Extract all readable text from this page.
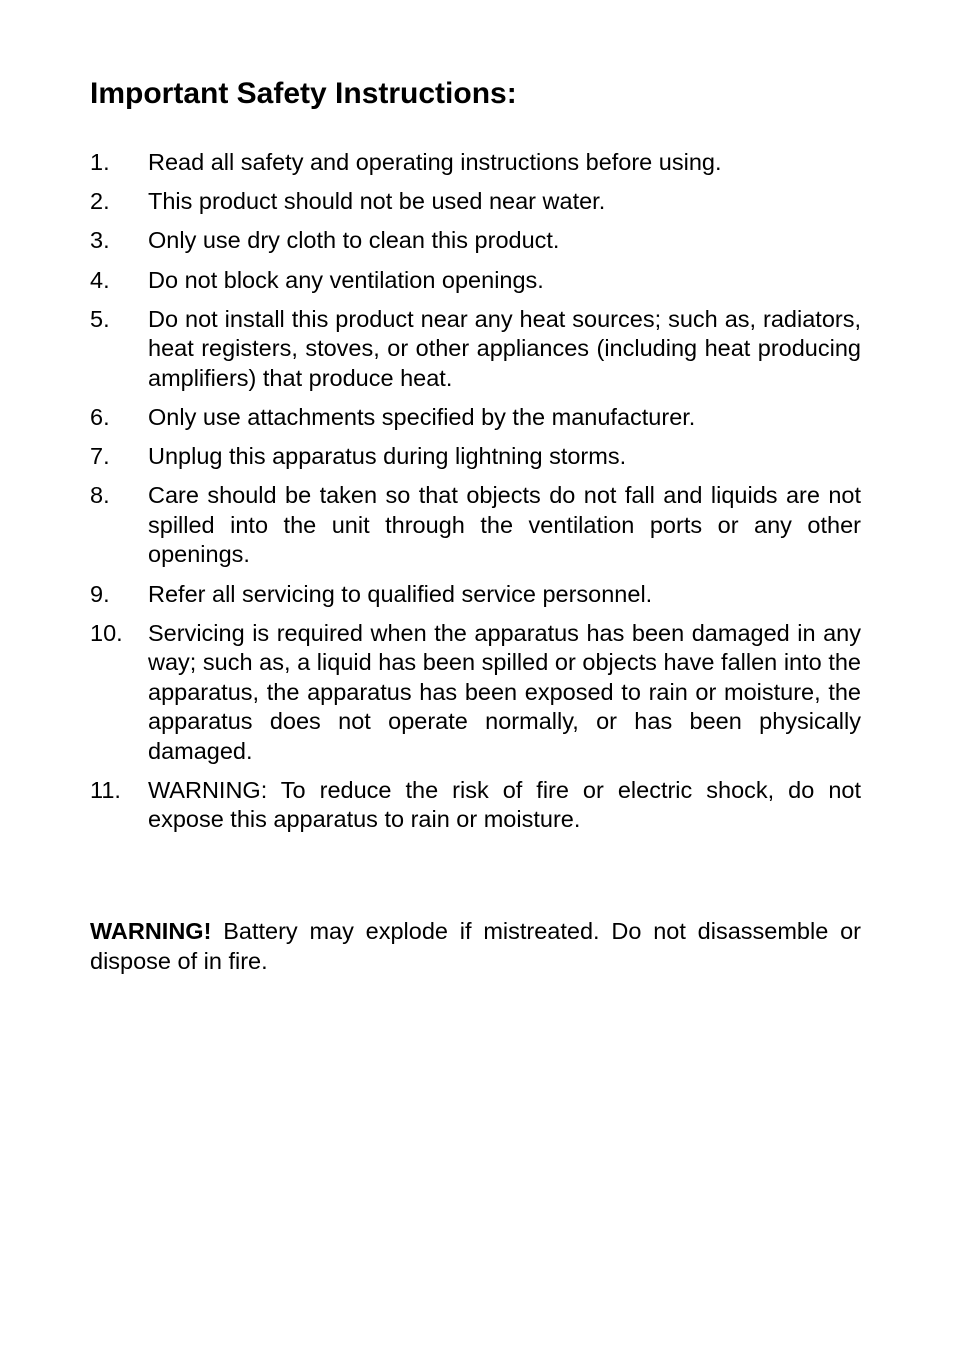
Important Safety Instructions:
1.	Read all safety and operating instructions before using.
2.	This product should not be used near water.
3.	Only use dry cloth to clean this product.
4.	Do not block any ventilation openings.
5.	Do not install this product near any heat sources; such as, radiators, heat registers, stoves, or other appliances (including heat producing amplifiers) that produce heat.
6.	Only use attachments specified by the manufacturer.
7.	Unplug this apparatus during lightning storms.
8.	Care should be taken so that objects do not fall and liquids are not spilled into the unit through the ventilation ports or any other openings.
9.	Refer all servicing to qualified service personnel.
10.	Servicing is required when the apparatus has been damaged in any way; such as, a liquid has been spilled or objects have fallen into the apparatus, the apparatus has been exposed to rain or moisture, the apparatus does not operate normally, or has been physically damaged.
11.	WARNING: To reduce the risk of fire or electric shock, do not expose this apparatus to rain or moisture.

WARNING! Battery may explode if mistreated. Do not disassemble or dispose of in fire.
